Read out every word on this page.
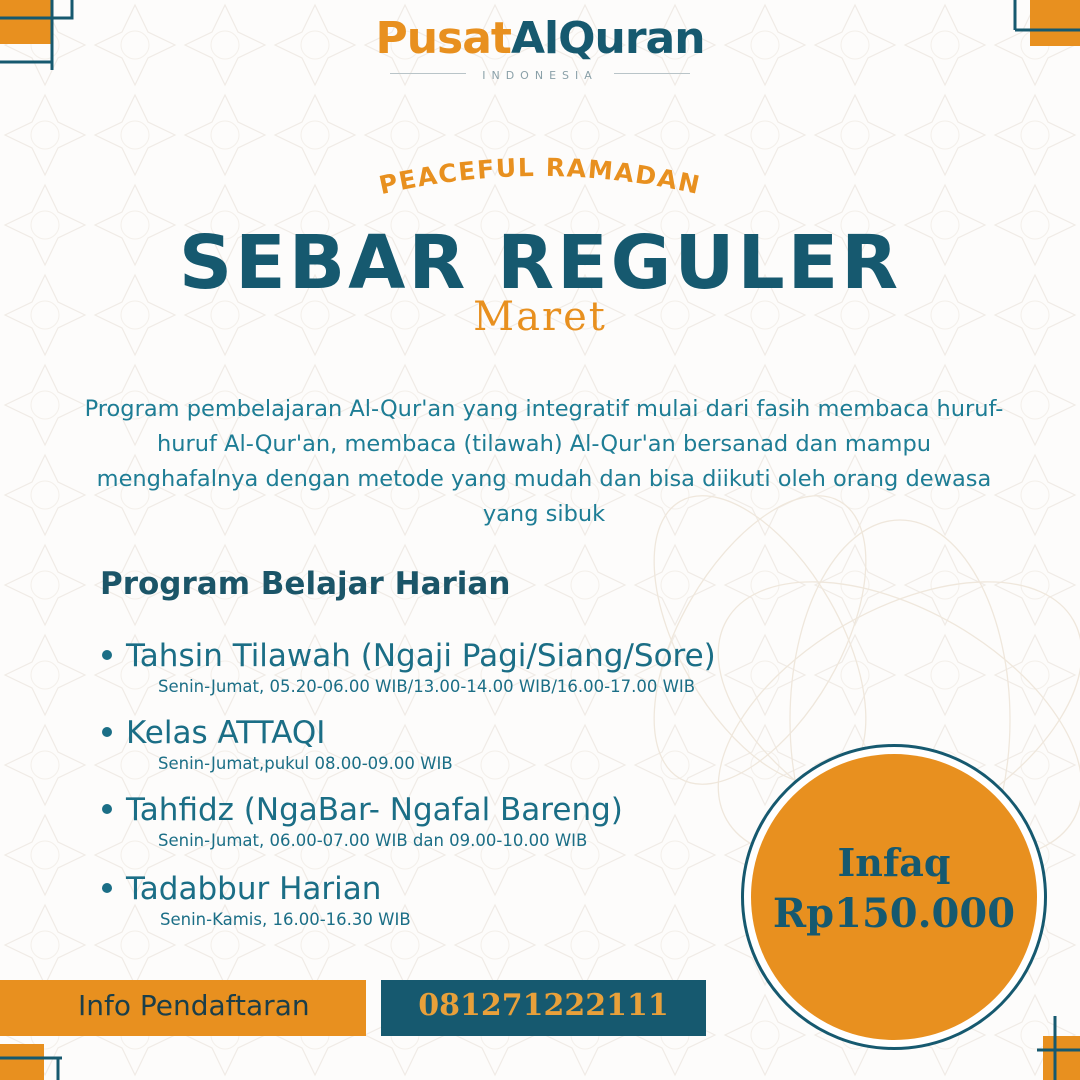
PusatAlQuran
INDONESIA
PEACEFUL RAMADAN
SEBAR REGULER
Maret
Program pembelajaran Al-Qur'an yang integratif mulai dari fasih membaca huruf-huruf Al-Qur'an, membaca (tilawah) Al-Qur'an bersanad dan mampu menghafalnya dengan metode yang mudah dan bisa diikuti oleh orang dewasa yang sibuk
Program Belajar Harian
Tahsin Tilawah (Ngaji Pagi/Siang/Sore)
Senin-Jumat, 05.20-06.00 WIB/13.00-14.00 WIB/16.00-17.00 WIB
Kelas ATTAQI
Senin-Jumat,pukul 08.00-09.00 WIB
Tahfidz (NgaBar- Ngafal Bareng)
Senin-Jumat, 06.00-07.00 WIB dan 09.00-10.00 WIB
Tadabbur Harian
Senin-Kamis, 16.00-16.30 WIB
Infaq
Rp150.000
Info Pendaftaran	081271222111
